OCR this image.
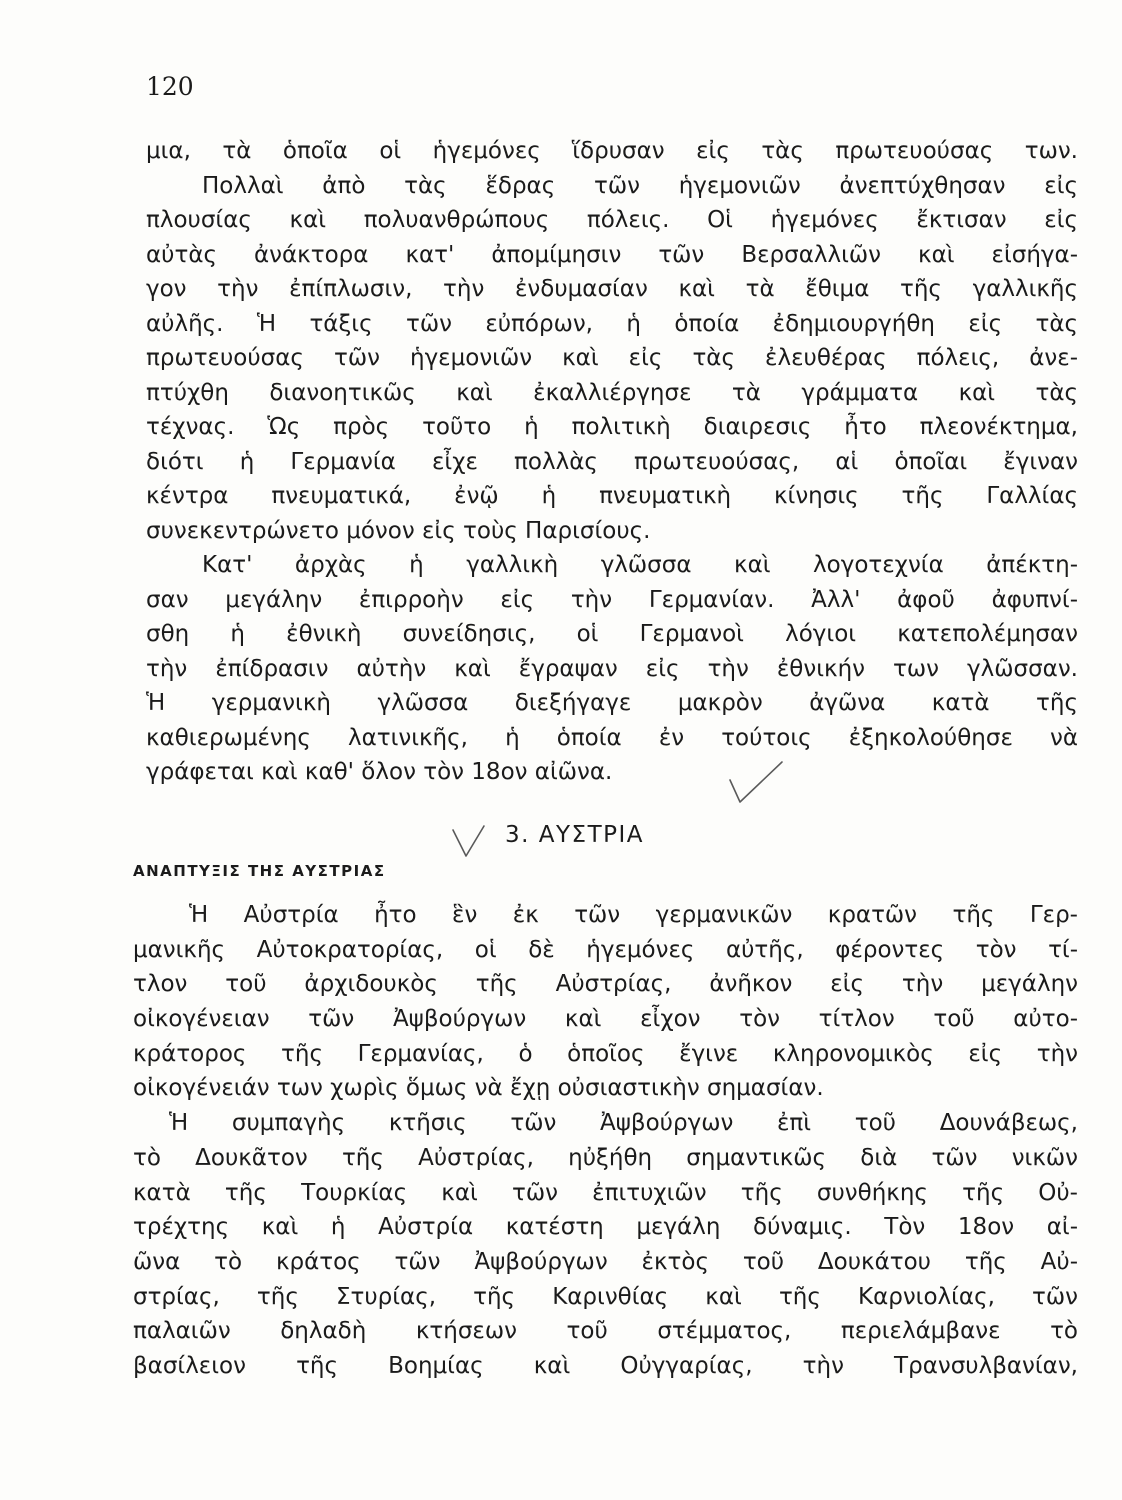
120
μια, τὰ ὁποῖα οἱ ἡγεμόνες ἵδρυσαν εἰς τὰς πρωτευούσας των.
Πολλαὶ ἀπὸ τὰς ἕδρας τῶν ἡγεμονιῶν ἀνεπτύχθησαν εἰς
πλουσίας καὶ πολυανθρώπους πόλεις. Οἱ ἡγεμόνες ἔκτισαν εἰς
αὐτὰς ἀνάκτορα κατ' ἀπομίμησιν τῶν Βερσαλλιῶν καὶ εἰσήγα-
γον τὴν ἐπίπλωσιν, τὴν ἐνδυμασίαν καὶ τὰ ἔθιμα τῆς γαλλικῆς
αὐλῆς. Ἡ τάξις τῶν εὐπόρων, ἡ ὁποία ἐδημιουργήθη εἰς τὰς
πρωτευούσας τῶν ἡγεμονιῶν καὶ εἰς τὰς ἐλευθέρας πόλεις, ἀνε-
πτύχθη διανοητικῶς καὶ ἐκαλλιέργησε τὰ γράμματα καὶ τὰς
τέχνας. Ὡς πρὸς τοῦτο ἡ πολιτικὴ διαιρεσις ἦτο πλεονέκτημα,
διότι ἡ Γερμανία εἶχε πολλὰς πρωτευούσας, αἱ ὁποῖαι ἔγιναν
κέντρα πνευματικά, ἐνῷ ἡ πνευματικὴ κίνησις τῆς Γαλλίας
συνεκεντρώνετο μόνον εἰς τοὺς Παρισίους.
Κατ' ἀρχὰς ἡ γαλλικὴ γλῶσσα καὶ λογοτεχνία ἀπέκτη-
σαν μεγάλην ἐπιρροὴν εἰς τὴν Γερμανίαν. Ἀλλ' ἀφοῦ ἀφυπνί-
σθη ἡ ἐθνικὴ συνείδησις, οἱ Γερμανοὶ λόγιοι κατεπολέμησαν
τὴν ἐπίδρασιν αὐτὴν καὶ ἔγραψαν εἰς τὴν ἐθνικήν των γλῶσσαν.
Ἡ γερμανικὴ γλῶσσα διεξήγαγε μακρὸν ἀγῶνα κατὰ τῆς
καθιερωμένης λατινικῆς, ἡ ὁποία ἐν τούτοις ἐξηκολούθησε νὰ
γράφεται καὶ καθ' ὅλον τὸν 18ον αἰῶνα.
3. ΑΥΣΤΡΙΑ
ΑΝΑΠΤΥΞΙΣ ΤΗΣ ΑΥΣΤΡΙΑΣ
Ἡ Αὐστρία ἦτο ἓν ἐκ τῶν γερμανικῶν κρατῶν τῆς Γερ-
μανικῆς Αὐτοκρατορίας, οἱ δὲ ἡγεμόνες αὐτῆς, φέροντες τὸν τί-
τλον τοῦ ἀρχιδουκὸς τῆς Αὐστρίας, ἀνῆκον εἰς τὴν μεγάλην
οἰκογένειαν τῶν Ἀψβούργων καὶ εἶχον τὸν τίτλον τοῦ αὐτο-
κράτορος τῆς Γερμανίας, ὁ ὁποῖος ἔγινε κληρονομικὸς εἰς τὴν
οἰκογένειάν των χωρὶς ὅμως νὰ ἔχῃ οὐσιαστικὴν σημασίαν.
Ἡ συμπαγὴς κτῆσις τῶν Ἀψβούργων ἐπὶ τοῦ Δουνάβεως,
τὸ Δουκᾶτον τῆς Αὐστρίας, ηὐξήθη σημαντικῶς διὰ τῶν νικῶν
κατὰ τῆς Τουρκίας καὶ τῶν ἐπιτυχιῶν τῆς συνθήκης τῆς Οὐ-
τρέχτης καὶ ἡ Αὐστρία κατέστη μεγάλη δύναμις. Τὸν 18ον αἰ-
ῶνα τὸ κράτος τῶν Ἀψβούργων ἐκτὸς τοῦ Δουκάτου τῆς Αὐ-
στρίας, τῆς Στυρίας, τῆς Καρινθίας καὶ τῆς Καρνιολίας, τῶν
παλαιῶν δηλαδὴ κτήσεων τοῦ στέμματος, περιελάμβανε τὸ
βασίλειον τῆς Βοημίας καὶ Οὐγγαρίας, τὴν Τρανσυλβανίαν,
